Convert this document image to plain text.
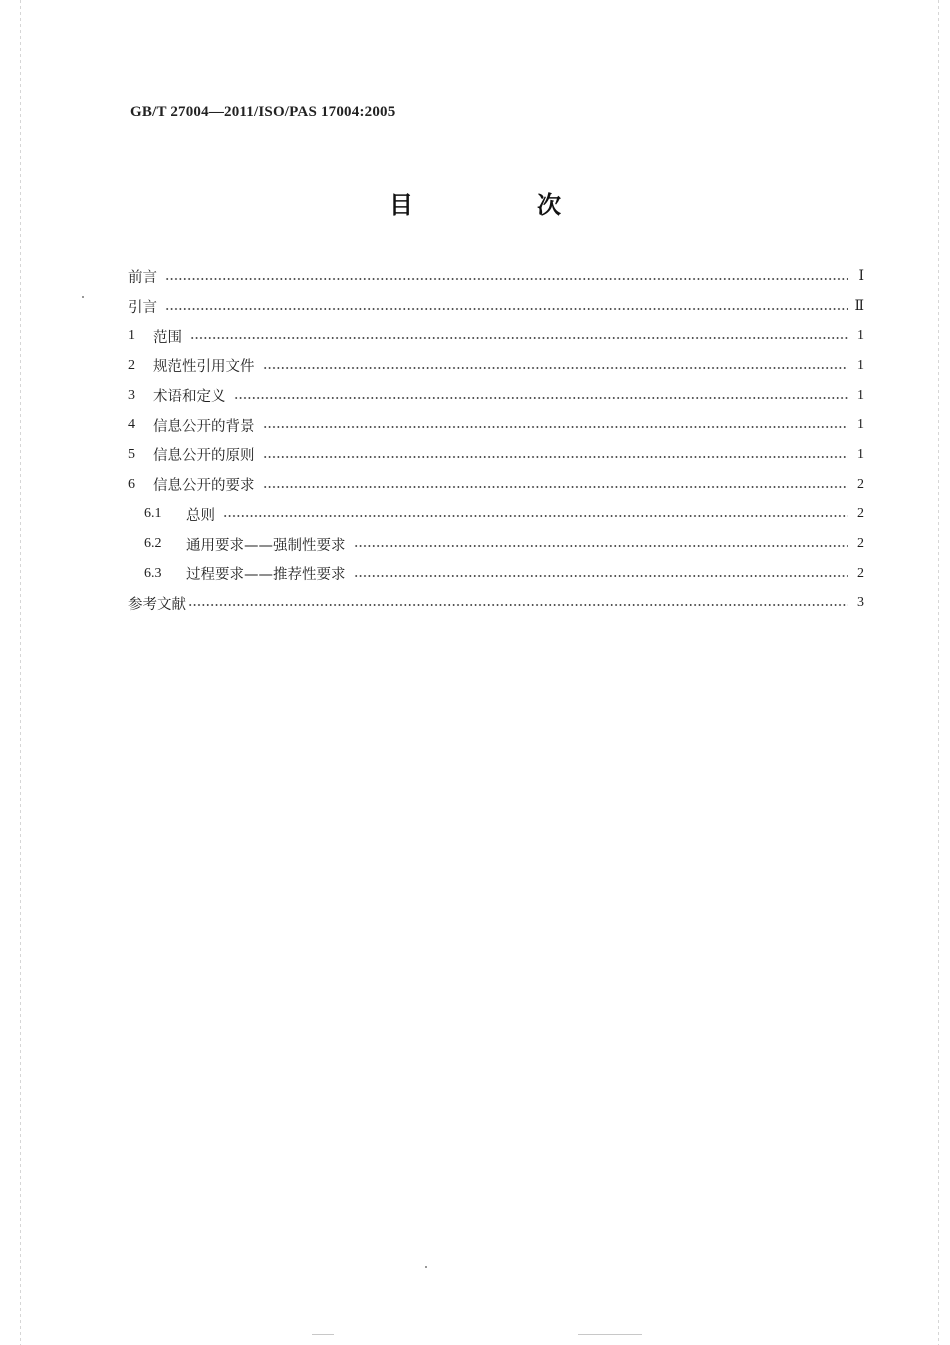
GB/T 27004—2011/ISO/PAS 17004:2005
目　次
前言	Ⅰ
引言	Ⅱ
1	范围	1
2	规范性引用文件	1
3	术语和定义	1
4	信息公开的背景	1
5	信息公开的原则	1
6	信息公开的要求	2
6.1	总则	2
6.2	通用要求——强制性要求	2
6.3	过程要求——推荐性要求	2
参考文献	3
